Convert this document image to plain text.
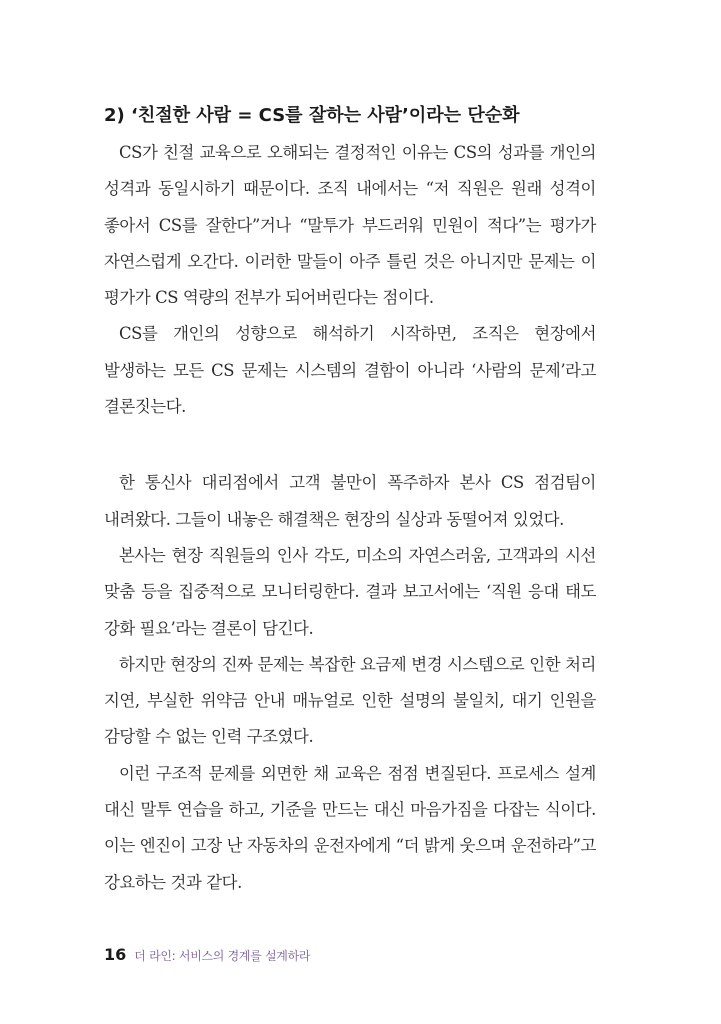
2) ‘친절한 사람 = CS를 잘하는 사람’이라는 단순화

CS가 친절 교육으로 오해되는 결정적인 이유는 CS의 성과를 개인의 성격과 동일시하기 때문이다. 조직 내에서는 “저 직원은 원래 성격이 좋아서 CS를 잘한다”거나 “말투가 부드러워 민원이 적다”는 평가가 자연스럽게 오간다. 이러한 말들이 아주 틀린 것은 아니지만 문제는 이 평가가 CS 역량의 전부가 되어버린다는 점이다.

CS를 개인의 성향으로 해석하기 시작하면, 조직은 현장에서 발생하는 모든 CS 문제는 시스템의 결함이 아니라 ‘사람의 문제’라고 결론짓는다.

한 통신사 대리점에서 고객 불만이 폭주하자 본사 CS 점검팀이 내려왔다. 그들이 내놓은 해결책은 현장의 실상과 동떨어져 있었다.

본사는 현장 직원들의 인사 각도, 미소의 자연스러움, 고객과의 시선 맞춤 등을 집중적으로 모니터링한다. 결과 보고서에는 ‘직원 응대 태도 강화 필요’라는 결론이 담긴다.

하지만 현장의 진짜 문제는 복잡한 요금제 변경 시스템으로 인한 처리 지연, 부실한 위약금 안내 매뉴얼로 인한 설명의 불일치, 대기 인원을 감당할 수 없는 인력 구조였다.

이런 구조적 문제를 외면한 채 교육은 점점 변질된다. 프로세스 설계 대신 말투 연습을 하고, 기준을 만드는 대신 마음가짐을 다잡는 식이다. 이는 엔진이 고장 난 자동차의 운전자에게 “더 밝게 웃으며 운전하라”고 강요하는 것과 같다.

16 더 라인: 서비스의 경계를 설계하라
